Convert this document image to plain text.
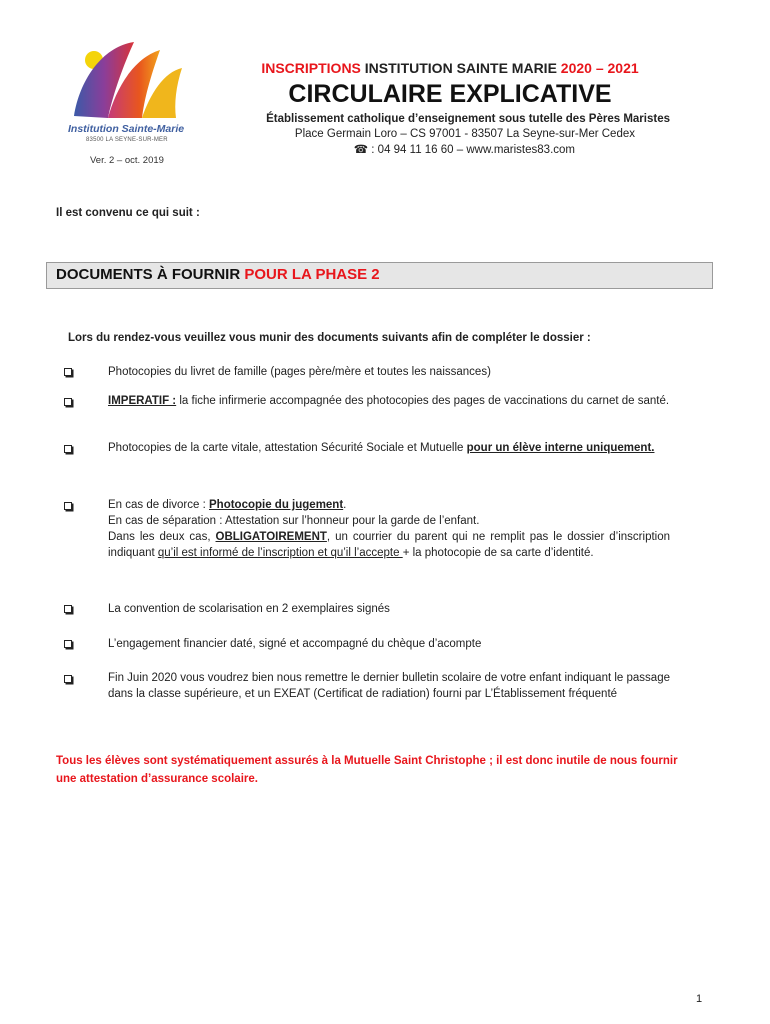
Institution Sainte-Marie
83500 LA SEYNE-SUR-MER
Ver. 2 – oct. 2019
INSCRIPTIONS INSTITUTION SAINTE MARIE 2020 – 2021
CIRCULAIRE EXPLICATIVE
Établissement catholique d’enseignement sous tutelle des Pères Maristes
Place Germain Loro – CS 97001 - 83507 La Seyne-sur-Mer Cedex
☎ : 04 94 11 16 60 – www.maristes83.com
Il est convenu ce qui suit :
DOCUMENTS À FOURNIR POUR LA PHASE 2
Lors du rendez-vous veuillez vous munir des documents suivants afin de compléter le dossier :
Photocopies du livret de famille (pages père/mère et toutes les naissances)
IMPERATIF : la fiche infirmerie accompagnée des photocopies des pages de vaccinations du carnet de santé.
Photocopies de la carte vitale, attestation Sécurité Sociale et Mutuelle pour un élève interne uniquement.
En cas de divorce : Photocopie du jugement.
En cas de séparation : Attestation sur l’honneur pour la garde de l’enfant.
Dans les deux cas, OBLIGATOIREMENT, un courrier du parent qui ne remplit pas le dossier d’inscription indiquant qu’il est informé de l’inscription et qu’il l’accepte + la photocopie de sa carte d’identité.
La convention de scolarisation en 2 exemplaires signés
L’engagement financier daté, signé et accompagné du chèque d’acompte
Fin Juin 2020 vous voudrez bien nous remettre le dernier bulletin scolaire de votre enfant indiquant le passage dans la classe supérieure, et un EXEAT (Certificat de radiation) fourni par L’Établissement fréquenté
Tous les élèves sont systématiquement assurés à la Mutuelle Saint Christophe ; il est donc inutile de nous fournir une attestation d’assurance scolaire.
1
